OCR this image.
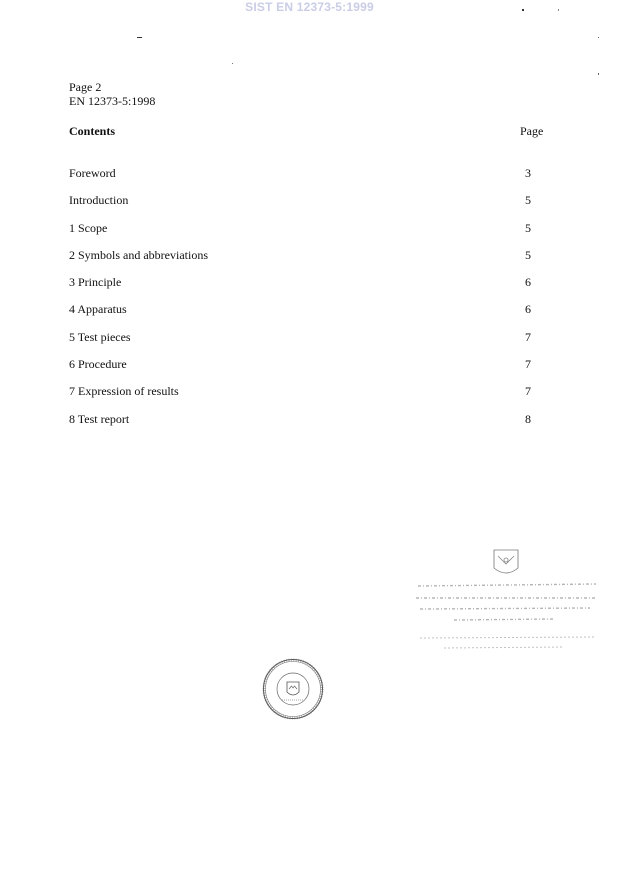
SIST EN 12373-5:1999
Page 2
EN 12373-5:1998
Contents	Page
Foreword	3
Introduction	5
1 Scope	5
2 Symbols and abbreviations	5
3 Principle	6
4 Apparatus	6
5 Test pieces	7
6 Procedure	7
7 Expression of results	7
8 Test report	8
